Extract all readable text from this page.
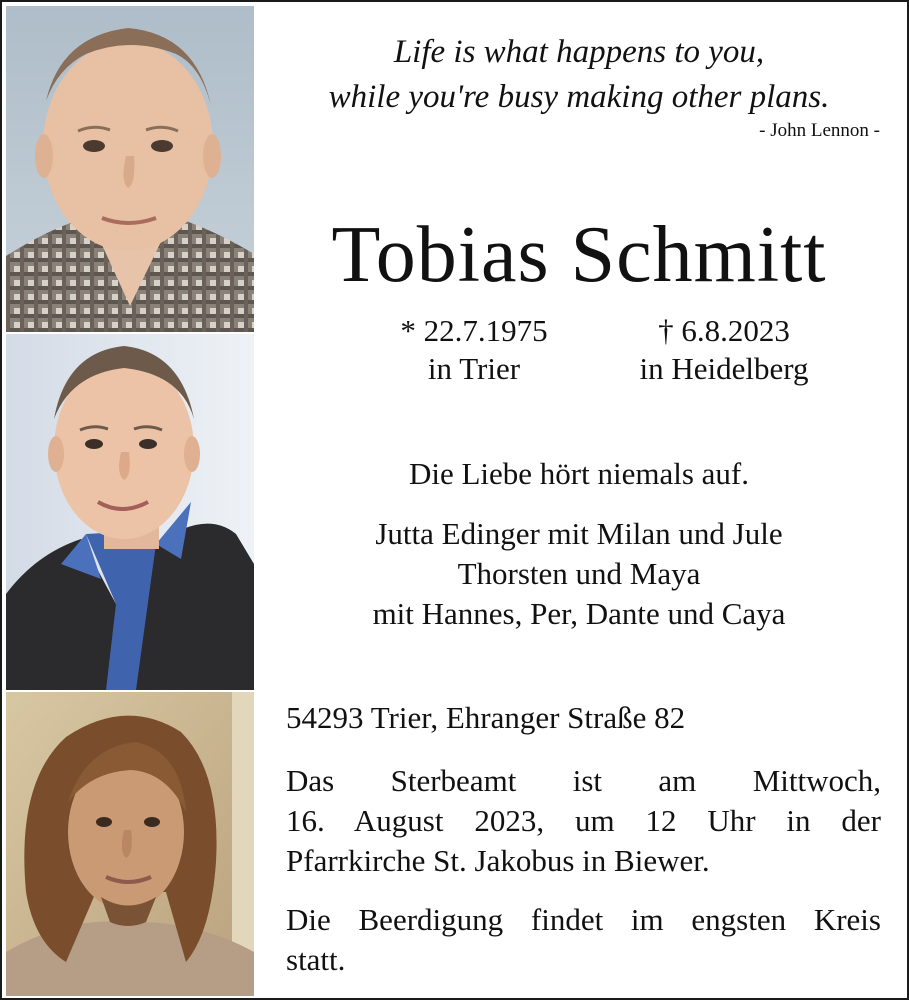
Life is what happens to you,
while you're busy making other plans.
- John Lennon -
Tobias Schmitt
* 22.7.1975
in Trier
† 6.8.2023
in Heidelberg
Die Liebe hört niemals auf.
Jutta Edinger mit Milan und Jule
Thorsten und Maya
mit Hannes, Per, Dante und Caya
54293 Trier, Ehranger Straße 82
Das Sterbeamt ist am Mittwoch,
16. August 2023, um 12 Uhr in der
Pfarrkirche St. Jakobus in Biewer.
Die Beerdigung findet im engsten Kreis
statt.
